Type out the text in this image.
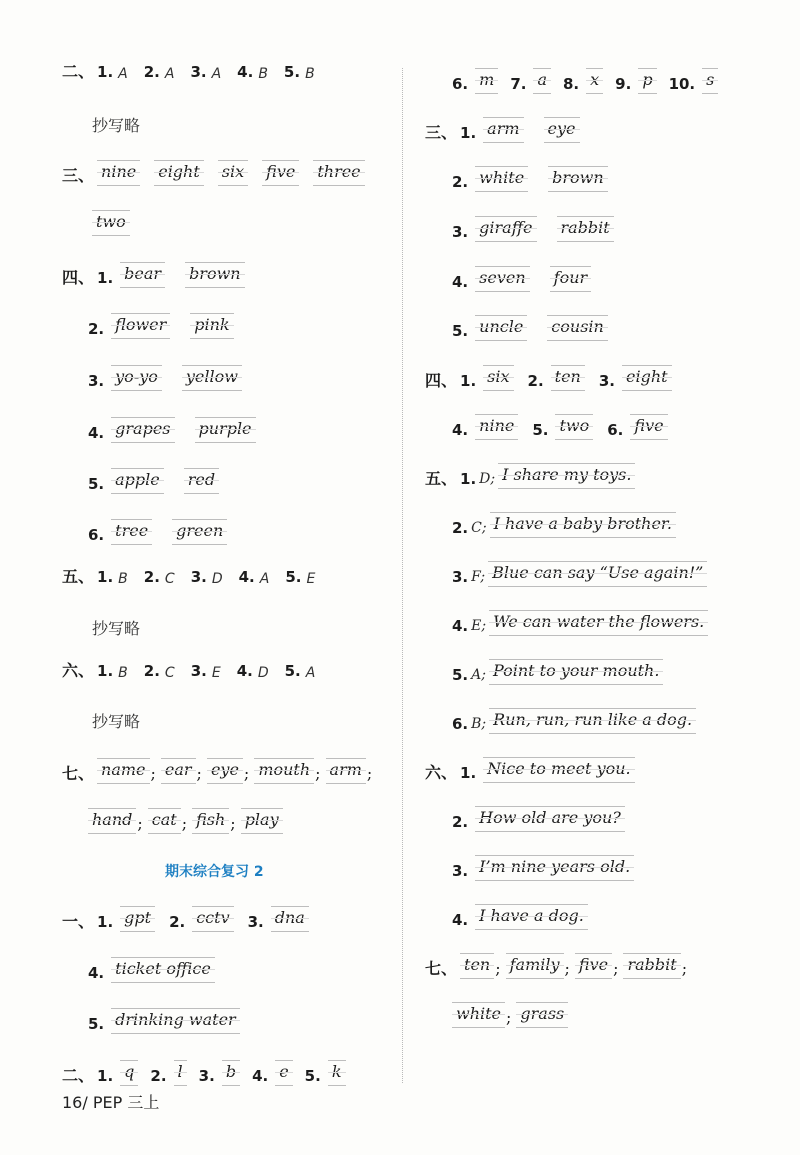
二、 1. A 2. A 3. A 4. B 5. B
抄写略
三、 nine eight six five three
two
四、 1. bear brown
2. flower pink
3. yo-yo yellow
4. grapes purple
5. apple red
6. tree green
五、 1. B 2. C 3. D 4. A 5. E
抄写略
六、 1. B 2. C 3. E 4. D 5. A
抄写略
七、 name ; ear ; eye ; mouth ; arm ;
hand ; cat ; fish ; play
期末综合复习 2
一、 1. gpt 2. cctv 3. dna
4. ticket office
5. drinking water
二、 1. q 2. l 3. b 4. e 5. k
16/ PEP 三上
6. m 7. a 8. x 9. p 10. s
三、 1. arm eye
2. white brown
3. giraffe rabbit
4. seven four
5. uncle cousin
四、 1. six 2. ten 3. eight
4. nine 5. two 6. five
五、 1. D; I share my toys.
2. C; I have a baby brother.
3. F; Blue can say “Use again!”
4. E; We can water the flowers.
5. A; Point to your mouth.
6. B; Run, run, run like a dog.
六、 1. Nice to meet you.
2. How old are you?
3. I’m nine years old.
4. I have a dog.
七、 ten ; family ; five ; rabbit ;
white ; grass
